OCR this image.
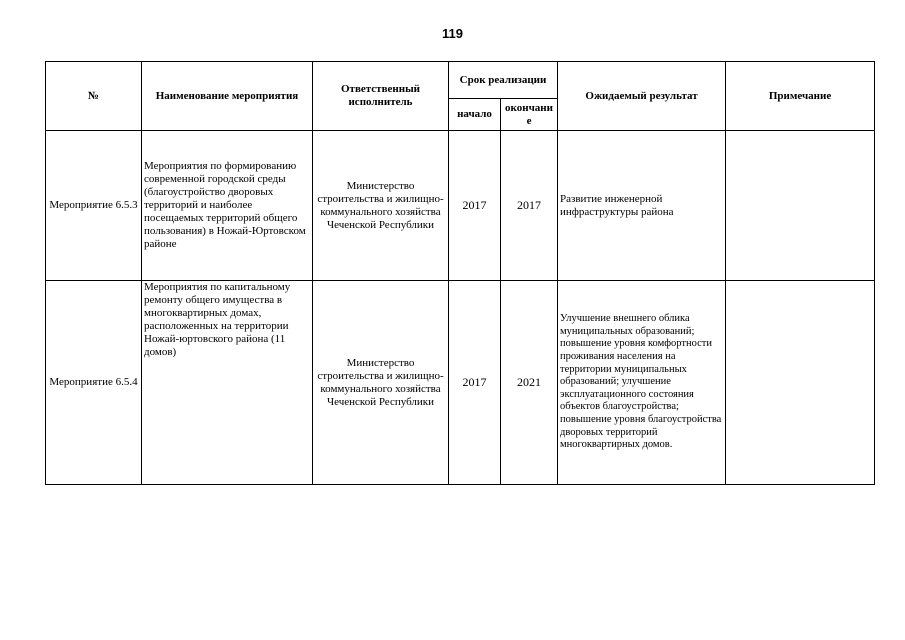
119
№	Наименование мероприятия	Ответственный исполнитель	Срок реализации		Ожидаемый результат	Примечание
			начало	окончани е		
Мероприятие 6.5.3	Мероприятия по формированию современной городской среды (благоустройство дворовых территорий и наиболее посещаемых территорий общего пользования) в Ножай-Юртовском районе	Министерство строительства и жилищно-коммунального хозяйства Чеченской Республики	2017	2017	Развитие инженерной инфраструктуры района	
Мероприятие 6.5.4	Мероприятия по капитальному ремонту общего имущества в многоквартирных домах, расположенных на территории Ножай-юртовского района (11 домов)	Министерство строительства и жилищно-коммунального хозяйства Чеченской Республики	2017	2021	Улучшение внешнего облика муниципальных образований; повышение уровня комфортности проживания населения на территории муниципальных образований; улучшение эксплуатационного состояния объектов благоустройства; повышение уровня благоустройства дворовых территорий многоквартирных домов.	
